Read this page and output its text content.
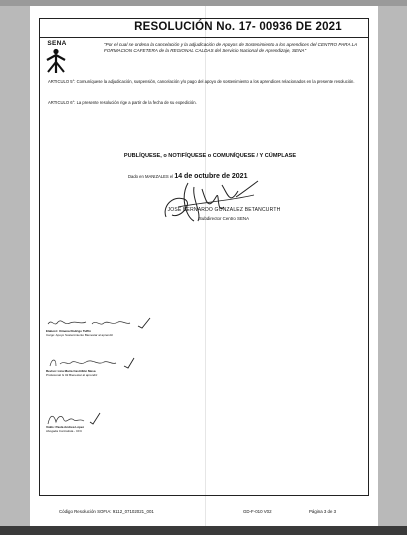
RESOLUCIÓN No. 17- 00936 DE 2021
SENA	"Por el cual se ordena la cancelación y la adjudicación de Apoyos de Sostenimiento a los aprendices del CENTRO PARA LA FORMACION CAFETERA de la REGIONAL CALDAS del Servicio Nacional de Aprendizaje, SENA"
ARTICULO 5°: Comuníquese la adjudicación, suspensión, cancelación y/o pago del apoyo de sostenimiento a los aprendices relacionados en la presente resolución.
ARTICULO 6°: La presente resolución rige a partir de la fecha de su expedición.
PUBLÍQUESE, o NOTIFÍQUESE o COMUNÍQUESE / Y CÚMPLASE
Dado en MANIZALES el 14 de octubre de 2021
JOSE BERNARDO GONZALEZ BETANCURTH
Subdirector Centro SENA
Elaboró: Ximena Rodrigo Tuffin
Cargo: Apoyo Sostenimiento Bienestar al aprendiz
Revisó: Lina María Castrillón Mesa
Profesional G 02 Bienestar al aprendiz
VoBo: Paola Andrea López
Abogada Contratista - CFC
Código Resolución SOFIA: 9112_07102021_001	GD-F-010 V02	Página 3 de 3
